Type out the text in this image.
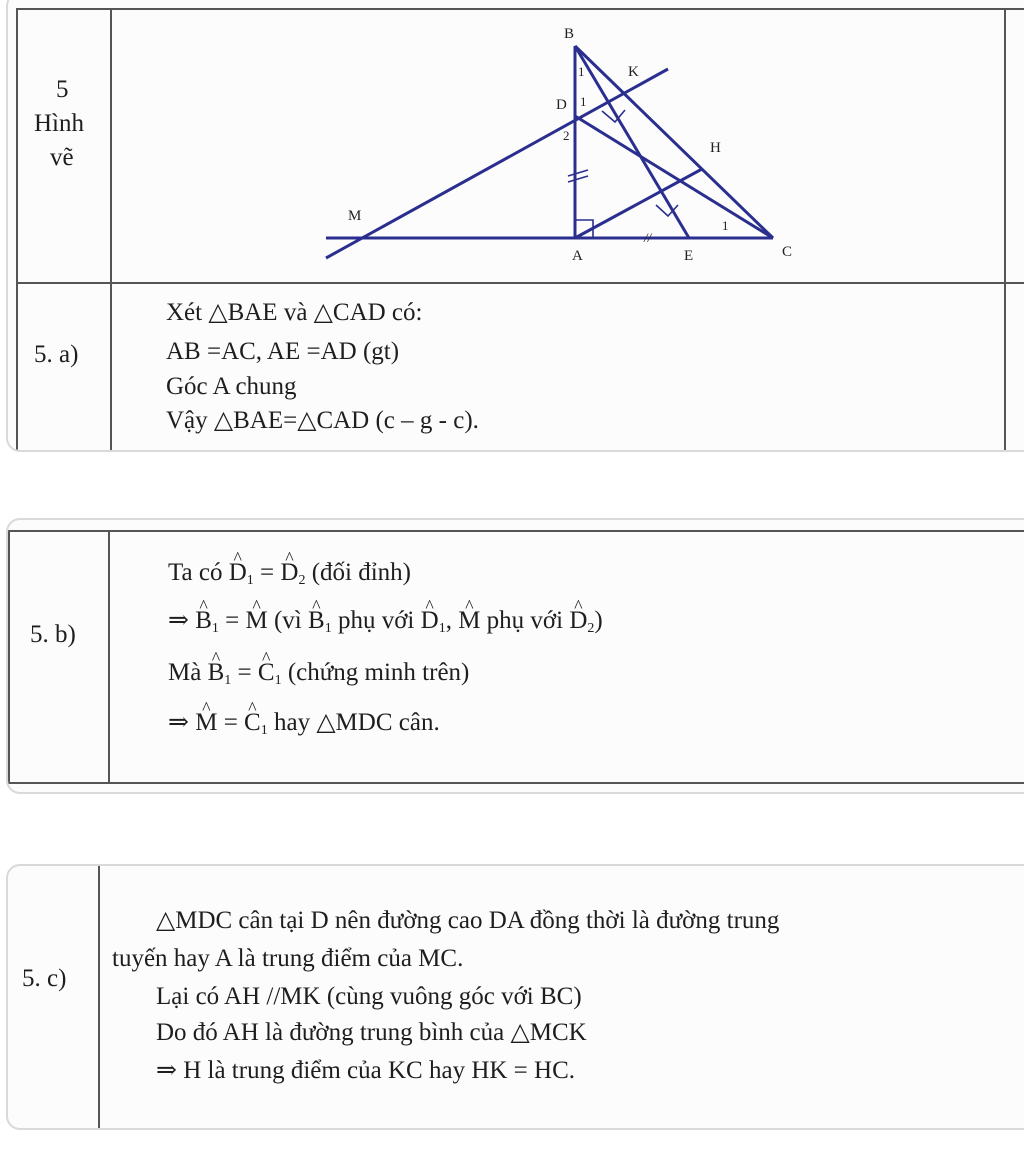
5
Hình
vẽ
B
K
D
H
M
A	E	C
1
1
2
1
//
5. a)
Xét △BAE và △CAD có:
AB =AC, AE =AD (gt)
Góc A chung
Vậy △BAE=△CAD (c – g - c).
5. b)
Ta có ^ $D_1$ = ^ $D_2$ (đối đỉnh)
⇒ ^ $B_1$ = ^ M (vì ^ $B_1$ phụ với ^ $D_1$, ^ M phụ với ^ $D_2$)
Mà ^ $B_1$ = ^ $C_1$ (chứng minh trên)
⇒ ^ M = ^ $C_1$ hay △MDC cân.
5. c)
△MDC cân tại D nên đường cao DA đồng thời là đường trung
tuyến hay A là trung điểm của MC.
Lại có AH //MK (cùng vuông góc với BC)
Do đó AH là đường trung bình của △MCK
⇒ H là trung điểm của KC hay HK = HC.
